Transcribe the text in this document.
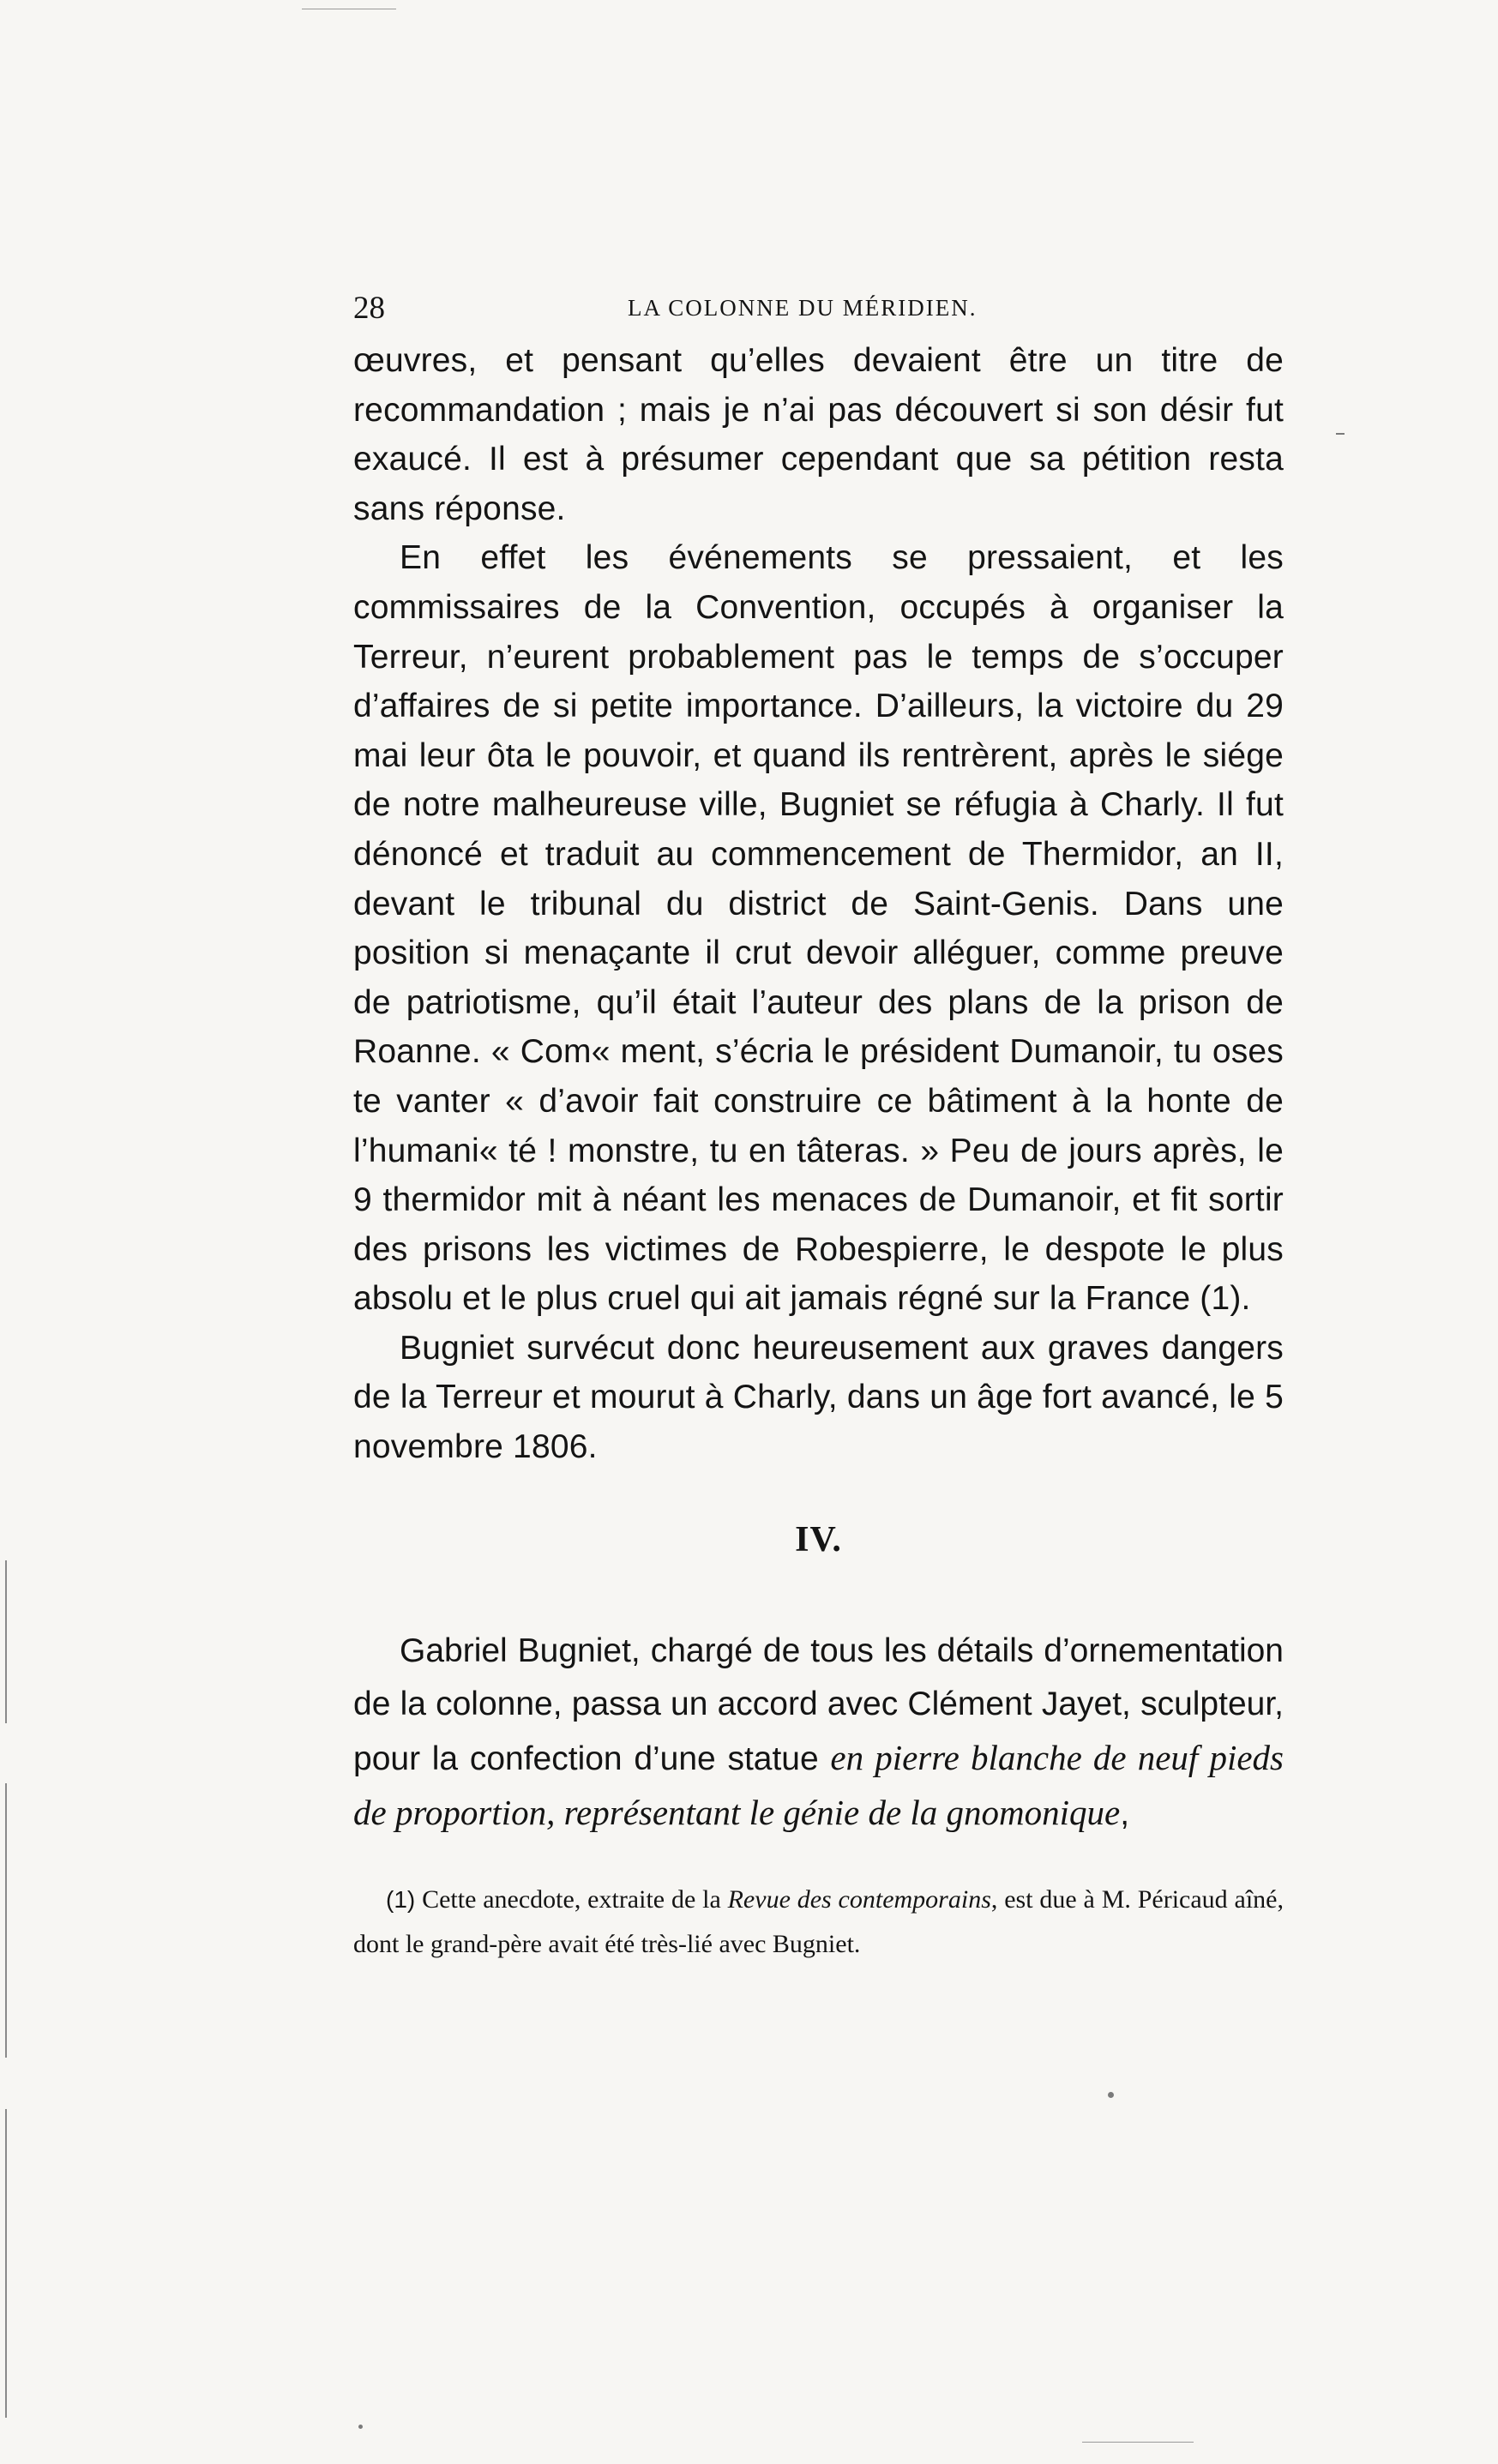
28	LA COLONNE DU MÉRIDIEN.

œuvres, et pensant qu’elles devaient être un titre de recommandation ; mais je n’ai pas découvert si son désir fut exaucé. Il est à présumer cependant que sa pétition resta sans réponse.

En effet les événements se pressaient, et les commissaires de la Convention, occupés à organiser la Terreur, n’eurent probablement pas le temps de s’occuper d’affaires de si petite importance. D’ailleurs, la victoire du 29 mai leur ôta le pouvoir, et quand ils rentrèrent, après le siége de notre malheureuse ville, Bugniet se réfugia à Charly. Il fut dénoncé et traduit au commencement de Thermidor, an II, devant le tribunal du district de Saint-Genis. Dans une position si menaçante il crut devoir alléguer, comme preuve de patriotisme, qu’il était l’auteur des plans de la prison de Roanne. « Com« ment, s’écria le président Dumanoir, tu oses te vanter « d’avoir fait construire ce bâtiment à la honte de l’humani« té ! monstre, tu en tâteras. » Peu de jours après, le 9 thermidor mit à néant les menaces de Dumanoir, et fit sortir des prisons les victimes de Robespierre, le despote le plus absolu et le plus cruel qui ait jamais régné sur la France (1).

Bugniet survécut donc heureusement aux graves dangers de la Terreur et mourut à Charly, dans un âge fort avancé, le 5 novembre 1806.

IV.

Gabriel Bugniet, chargé de tous les détails d’ornementation de la colonne, passa un accord avec Clément Jayet, sculpteur, pour la confection d’une statue en pierre blanche de neuf pieds de proportion, représentant le génie de la gnomonique,

(1) Cette anecdote, extraite de la Revue des contemporains, est due à M. Péricaud aîné, dont le grand-père avait été très-lié avec Bugniet.
